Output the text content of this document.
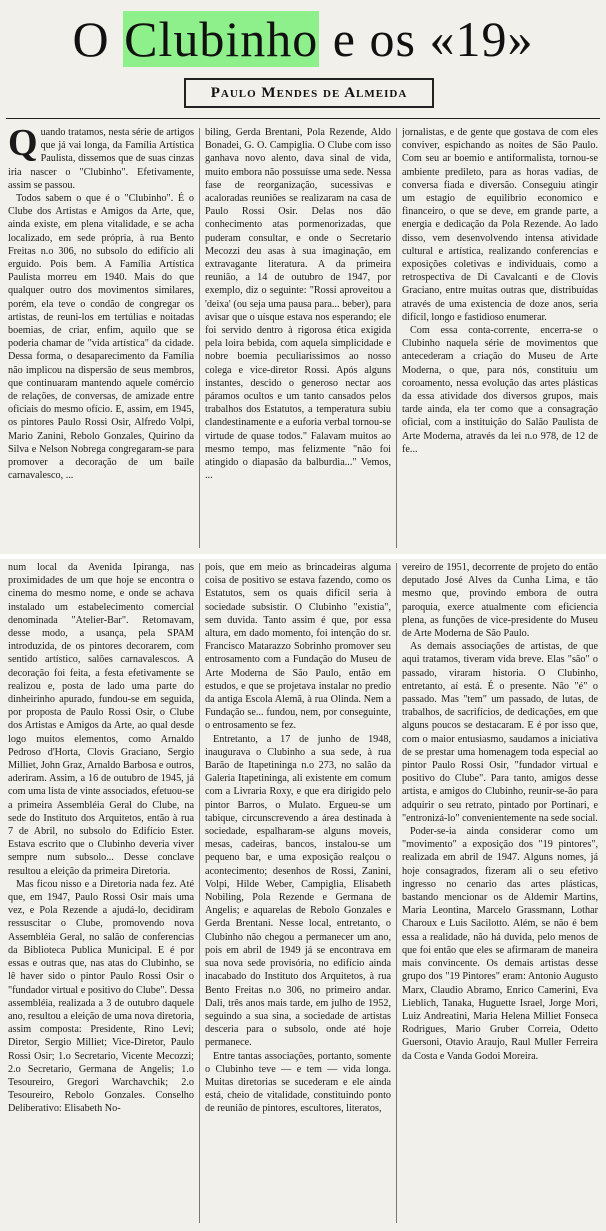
O Clubinho e os «19»
Paulo Mendes de Almeida
Q uando tratamos, nesta série de artigos que já vai longa, da Família Artística Paulista, dissemos que de suas cinzas iria nascer o "Clubinho". Efetivamente, assim se passou.

Todos sabem o que é o "Clubinho". É o Clube dos Artistas e Amigos da Arte, que, ainda existe, em plena vitalidade, e se acha localizado, em sede própria, à rua Bento Freitas n.o 306, no subsolo do edifício ali erguido. Pois bem. A Família Artística Paulista morreu em 1940. Mais do que qualquer outro dos movimentos similares, porém, ela teve o condão de congregar os artistas, de reuni-los em tertúlias e noitadas boemias, de criar, enfim, aquilo que se poderia chamar de "vida artística" da cidade. Dessa forma, o desaparecimento da Família não implicou na dispersão de seus membros, que continuaram mantendo aquele comércio de relações, de conversas, de amizade entre oficiais do mesmo ofício. E, assim, em 1945, os pintores Paulo Rossi Osir, Alfredo Volpi, Mario Zanini, Rebolo Gonzales, Quirino da Silva e Nelson Nobrega congregaram-se para promover a decoração de um baile carnavalesco, ...

biling, Gerda Brentani, Pola Rezende, Aldo Bonadei, G. O. Campiglia. O Clube com isso ganhava novo alento, dava sinal de vida, muito embora não possuísse uma sede. Nessa fase de reorganização, sucessivas e acaloradas reuniões se realizaram na casa de Paulo Rossi Osir. Delas nos dão conhecimento atas pormenorizadas, que puderam consultar, e onde o Secretario Mecozzi deu asas à sua imaginação, em extravagante literatura. A da primeira reunião, a 14 de outubro de 1947, por exemplo, diz o seguinte: "Rossi aproveitou a 'deixa' (ou seja uma pausa para... beber), para avisar que o uísque estava nos esperando; ele foi servido dentro à rigorosa ética exigida pela loira bebida, com aquela simplicidade e nobre boemia peculiarissimos ao nosso colega e vice-diretor Rossi. Após alguns instantes, descido o generoso nectar aos páramos ocultos e um tanto cansados pelos trabalhos dos Estatutos, a temperatura subiu clandestinamente e a euforia verbal tornou-se virtude de quase todos." Falavam muitos ao mesmo tempo, mas felizmente "não foi atingido o diapasão da balburdia..." Vemos, ...

jornalistas, e de gente que gostava de com eles conviver, espichando as noites de São Paulo. Com seu ar boemio e antiformalista, tornou-se ambiente predileto, para as horas vadias, de conversa fiada e diversão. Conseguiu atingir um estagio de equilibrio economico e financeiro, o que se deve, em grande parte, a energia e dedicação da Pola Rezende. Ao lado disso, vem desenvolvendo intensa atividade cultural e artística, realizando conferencias e exposições coletivas e individuais, como a retrospectiva de Di Cavalcanti e de Clovis Graciano, entre muitas outras que, distribuídas através de uma existencia de doze anos, seria difícil, longo e fastidioso enumerar.

Com essa conta-corrente, encerra-se o Clubinho naquela série de movimentos que antecederam a criação do Museu de Arte Moderna, o que, para nós, constituiu um coroamento, nessa evolução das artes plásticas da essa atividade dos diversos grupos, mais tarde ainda, ela ter como que a consagração oficial, com a instituição do Salão Paulista de Arte Moderna, através da lei n.o 978, de 12 de fe...

num local da Avenida Ipiranga, nas proximidades de um que hoje se encontra o cinema do mesmo nome, e onde se achava instalado um estabelecimento comercial denominada "Atelier-Bar". Retomavam, desse modo, a usança, pela SPAM introduzida, de os pintores decorarem, com sentido artístico, salões carnavalescos. A decoração foi feita, a festa efetivamente se realizou e, posta de lado uma parte do dinheirinho apurado, fundou-se em seguida, por proposta de Paulo Rossi Osir, o Clube dos Artistas e Amigos da Arte, ao qual desde logo muitos elementos, como Arnaldo Pedroso d'Horta, Clovis Graciano, Sergio Milliet, John Graz, Arnaldo Barbosa e outros, aderiram. Assim, a 16 de outubro de 1945, já com uma lista de vinte associados, efetuou-se a primeira Assembléia Geral do Clube, na sede do Instituto dos Arquitetos, então à rua 7 de Abril, no subsolo do Edifício Ester. Estava escrito que o Clubinho deveria viver sempre num subsolo... Desse conclave resultou a eleição da primeira Diretoria.

Mas ficou nisso e a Diretoria nada fez. Até que, em 1947, Paulo Rossi Osir mais uma vez, e Pola Rezende a ajudá-lo, decidiram ressuscitar o Clube, promovendo nova Assembléia Geral, no salão de conferencias da Biblioteca Publica Municipal. E é por essas e outras que, nas atas do Clubinho, se lê haver sido o pintor Paulo Rossi Osir o "fundador virtual e positivo do Clube". Dessa assembléia, realizada a 3 de outubro daquele ano, resultou a eleição de uma nova diretoria, assim composta: Presidente, Rino Levi; Diretor, Sergio Milliet; Vice-Diretor, Paulo Rossi Osir; 1.o Secretario, Vicente Mecozzi; 2.o Secretario, Germana de Angelis; 1.o Tesoureiro, Gregori Warchavchik; 2.o Tesoureiro, Rebolo Gonzales. Conselho Deliberativo: Elisabeth No-

pois, que em meio as brincadeiras alguma coisa de positivo se estava fazendo, como os Estatutos, sem os quais difícil seria à sociedade subsistir. O Clubinho "existia", sem duvida. Tanto assim é que, por essa altura, em dado momento, foi intenção do sr. Francisco Matarazzo Sobrinho promover seu entrosamento com a Fundação do Museu de Arte Moderna de São Paulo, então em estudos, e que se projetava instalar no predio da antiga Escola Alemã, à rua Olinda. Nem a Fundação se... fundou, nem, por conseguinte, o entrosamento se fez.

Entretanto, a 17 de junho de 1948, inaugurava o Clubinho a sua sede, à rua Barão de Itapetininga n.o 273, no salão da Galeria Itapetininga, ali existente em comum com a Livraria Roxy, e que era dirigido pelo pintor Barros, o Mulato. Ergueu-se um tabique, circunscrevendo a área destinada à sociedade, espalharam-se alguns moveis, mesas, cadeiras, bancos, instalou-se um pequeno bar, e uma exposição realçou o acontecimento; desenhos de Rossi, Zanini, Volpi, Hilde Weber, Campiglia, Elisabeth Nobiling, Pola Rezende e Germana de Angelis; e aquarelas de Rebolo Gonzales e Gerda Brentani. Nesse local, entretanto, o Clubinho não chegou a permanecer um ano, pois em abril de 1949 já se encontrava em sua nova sede provisória, no edifício ainda inacabado do Instituto dos Arquitetos, à rua Bento Freitas n.o 306, no primeiro andar. Dali, três anos mais tarde, em julho de 1952, seguindo a sua sina, a sociedade de artistas desceria para o subsolo, onde até hoje permanece.

Entre tantas associações, portanto, somente o Clubinho teve — e tem — vida longa. Muitas diretorias se sucederam e ele ainda está, cheio de vitalidade, constituindo ponto de reunião de pintores, escultores, literatos,

vereiro de 1951, decorrente de projeto do então deputado José Alves da Cunha Lima, e tão mesmo que, provindo embora de outra paroquia, exerce atualmente com eficiencia plena, as funções de vice-presidente do Museu de Arte Moderna de São Paulo.

As demais associações de artistas, de que aqui tratamos, tiveram vida breve. Elas "são" o passado, viraram historia. O Clubinho, entretanto, aí está. É o presente. Não "é" o passado. Mas "tem" um passado, de lutas, de trabalhos, de sacrifícios, de dedicações, em que alguns poucos se destacaram. E é por isso que, com o maior entusiasmo, saudamos a iniciativa de se prestar uma homenagem toda especial ao pintor Paulo Rossi Osir, "fundador virtual e positivo do Clube". Para tanto, amigos desse artista, e amigos do Clubinho, reunir-se-ão para adquirir o seu retrato, pintado por Portinari, e "entronizá-lo" convenientemente na sede social.

Poder-se-ia ainda considerar como um "movimento" a exposição dos "19 pintores", realizada em abril de 1947. Alguns nomes, já hoje consagrados, fizeram ali o seu efetivo ingresso no cenario das artes plásticas, bastando mencionar os de Aldemir Martins, Maria Leontina, Marcelo Grassmann, Lothar Charoux e Luis Sacilotto. Além, se não é bem essa a realidade, não há duvida, pelo menos de que foi então que eles se afirmaram de maneira mais convincente. Os demais artistas desse grupo dos "19 Pintores" eram: Antonio Augusto Marx, Claudio Abramo, Enrico Camerini, Eva Lieblich, Tanaka, Huguette Israel, Jorge Mori, Luiz Andreatini, Maria Helena Milliet Fonseca Rodrigues, Mario Gruber Correia, Odetto Guersoni, Otavio Araujo, Raul Muller Ferreira da Costa e Vanda Godoi Moreira.
